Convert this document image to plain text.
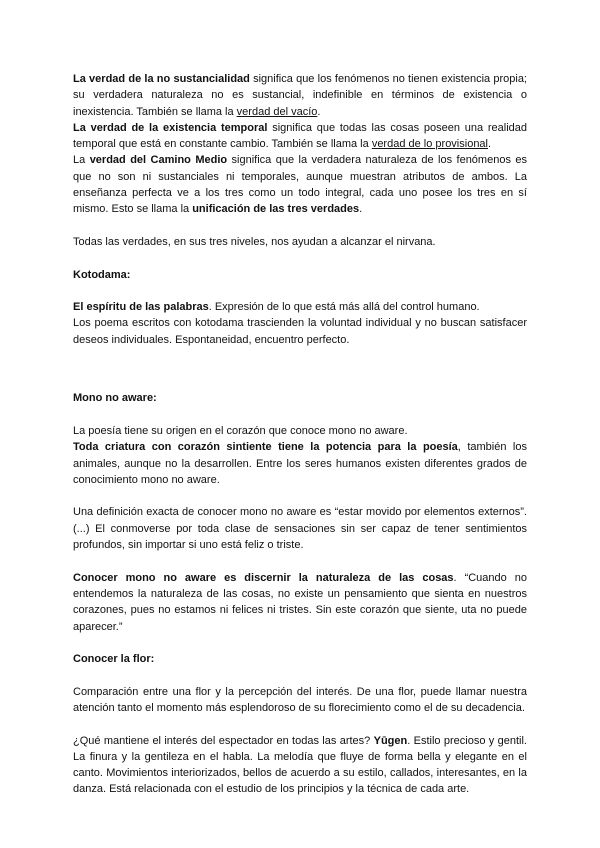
La verdad de la no sustancialidad significa que los fenómenos no tienen existencia propia; su verdadera naturaleza no es sustancial, indefinible en términos de existencia o inexistencia. También se llama la verdad del vacío.

La verdad de la existencia temporal significa que todas las cosas poseen una realidad temporal que está en constante cambio. También se llama la verdad de lo provisional.

La verdad del Camino Medio significa que la verdadera naturaleza de los fenómenos es que no son ni sustanciales ni temporales, aunque muestran atributos de ambos. La enseñanza perfecta ve a los tres como un todo integral, cada uno posee los tres en sí mismo. Esto se llama la unificación de las tres verdades.

Todas las verdades, en sus tres niveles, nos ayudan a alcanzar el nirvana.

Kotodama:

El espíritu de las palabras. Expresión de lo que está más allá del control humano.

Los poema escritos con kotodama trascienden la voluntad individual y no buscan satisfacer deseos individuales. Espontaneidad, encuentro perfecto.

Mono no aware:

La poesía tiene su origen en el corazón que conoce mono no aware.

Toda criatura con corazón sintiente tiene la potencia para la poesía, también los animales, aunque no la desarrollen. Entre los seres humanos existen diferentes grados de conocimiento mono no aware.

Una definición exacta de conocer mono no aware es “estar movido por elementos externos”. (...) El conmoverse por toda clase de sensaciones sin ser capaz de tener sentimientos profundos, sin importar si uno está feliz o triste.

Conocer mono no aware es discernir la naturaleza de las cosas. “Cuando no entendemos la naturaleza de las cosas, no existe un pensamiento que sienta en nuestros corazones, pues no estamos ni felices ni tristes. Sin este corazón que siente, uta no puede aparecer.”

Conocer la flor:

Comparación entre una flor y la percepción del interés. De una flor, puede llamar nuestra atención tanto el momento más esplendoroso de su florecimiento como el de su decadencia.

¿Qué mantiene el interés del espectador en todas las artes? Yūgen. Estilo precioso y gentil. La finura y la gentileza en el habla. La melodía que fluye de forma bella y elegante en el canto. Movimientos interiorizados, bellos de acuerdo a su estilo, callados, interesantes, en la danza. Está relacionada con el estudio de los principios y la técnica de cada arte.
